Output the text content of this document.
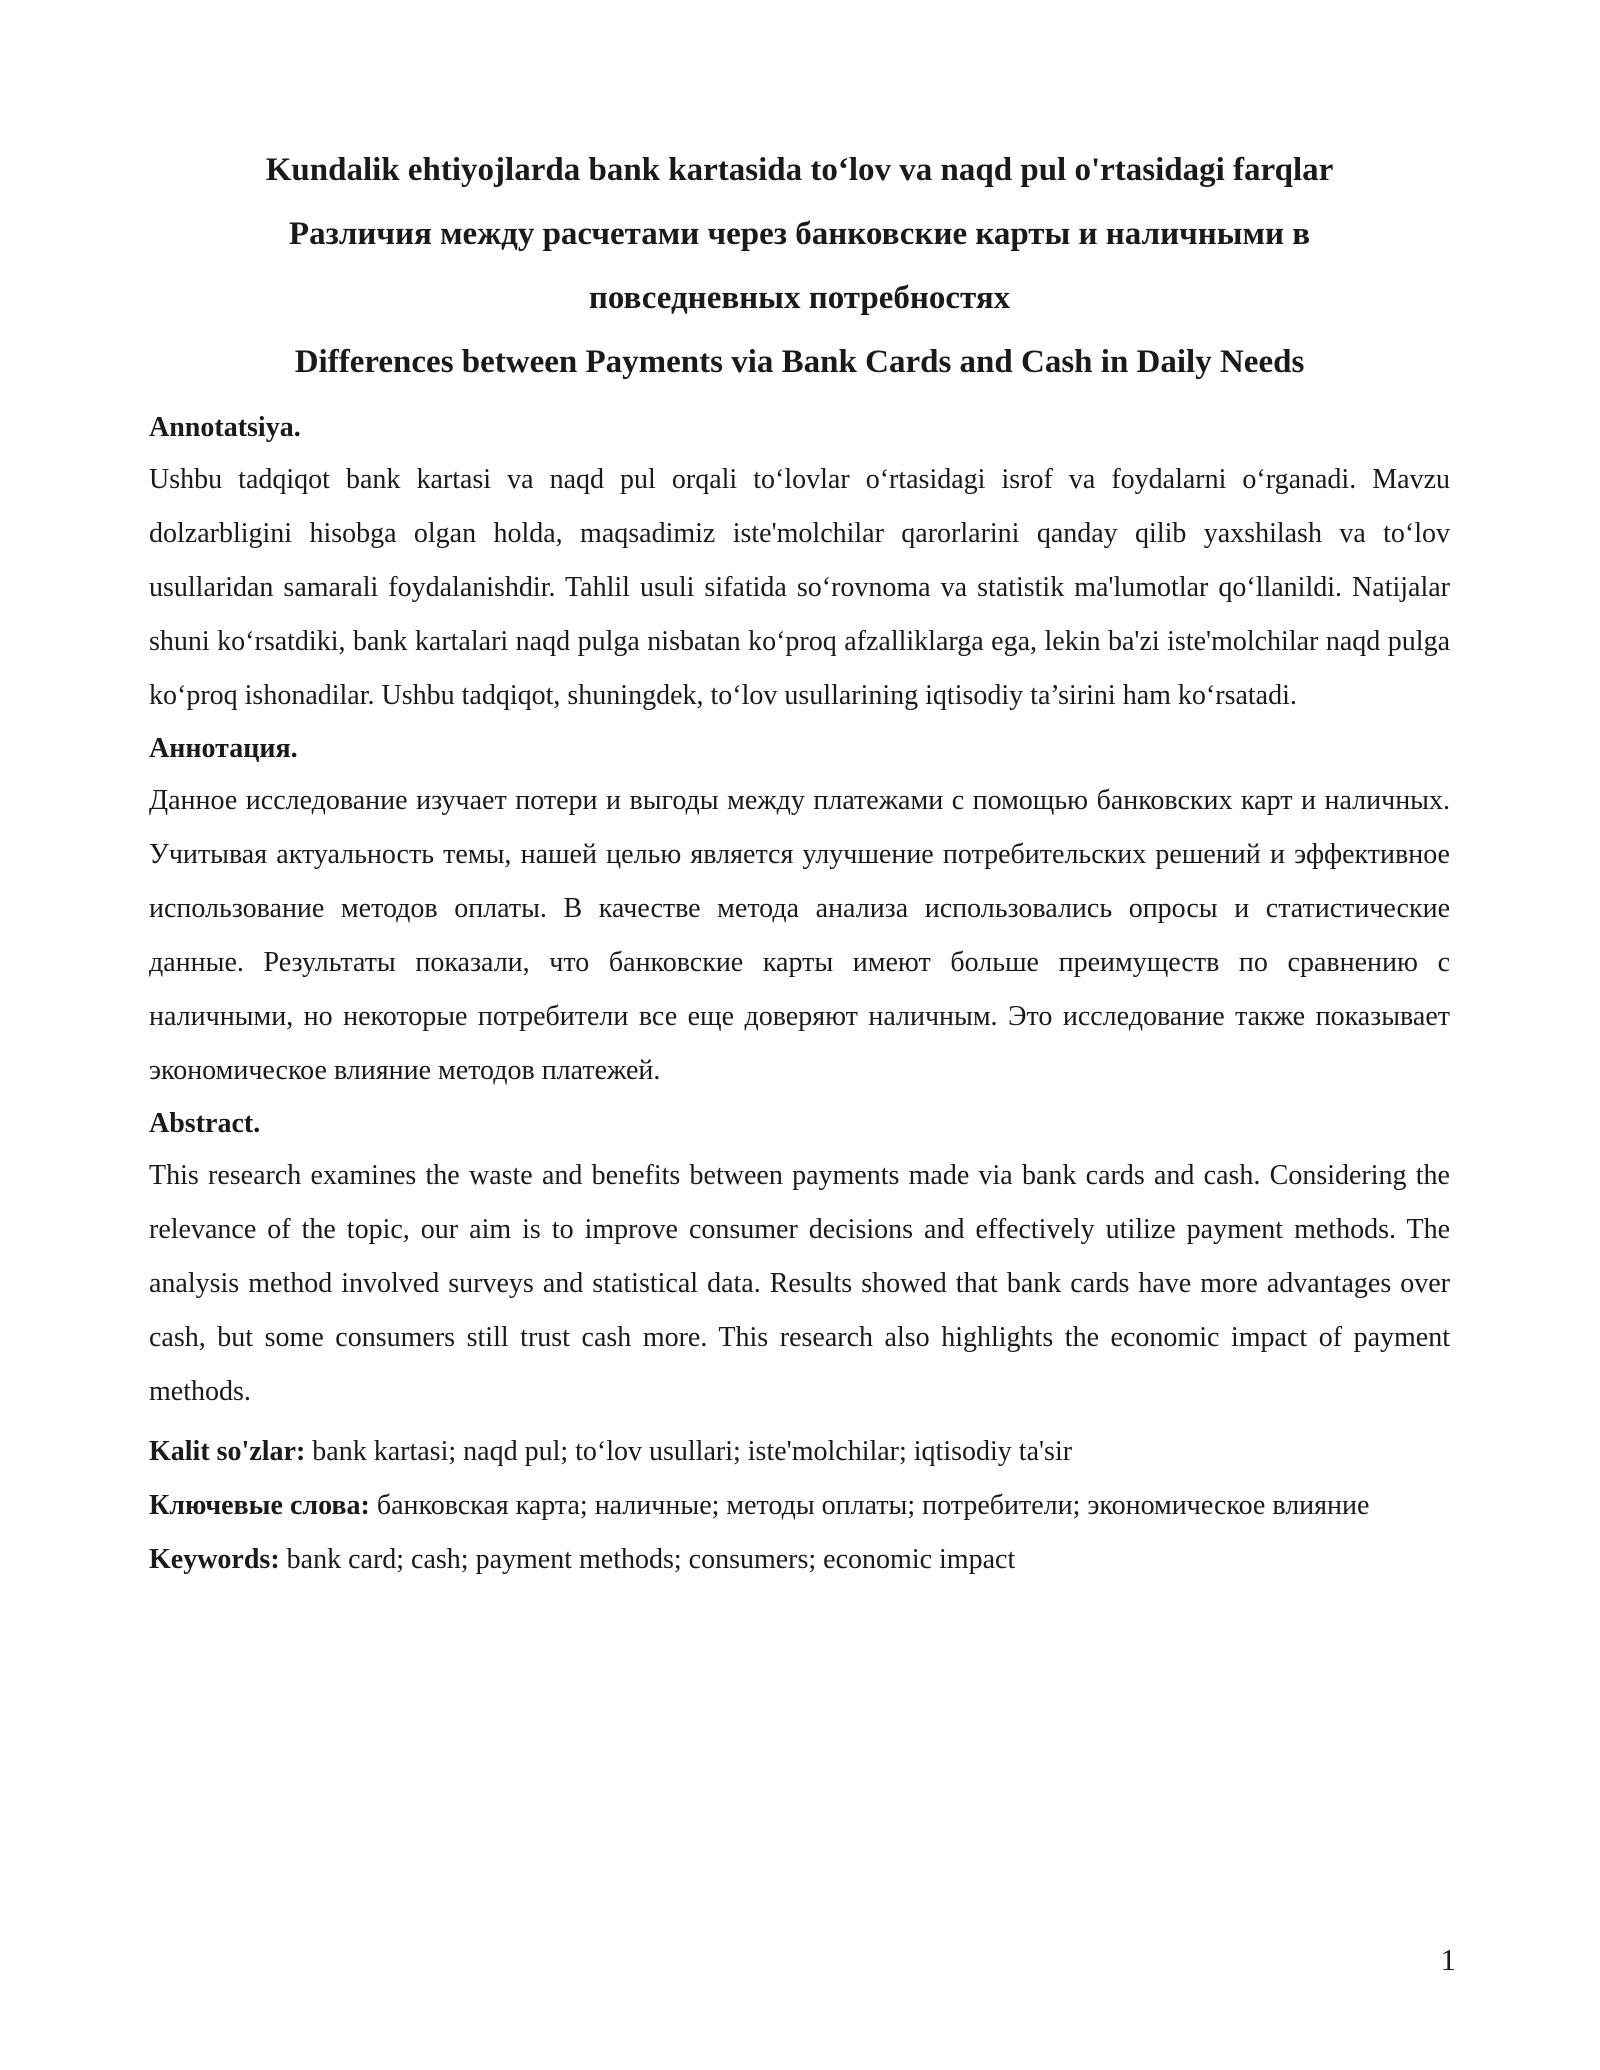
Kundalik ehtiyojlarda bank kartasida to‘lov va naqd pul o'rtasidagi farqlar
Различия между расчетами через банковские карты и наличными в повседневных потребностях
Differences between Payments via Bank Cards and Cash in Daily Needs

Annotatsiya.

Ushbu tadqiqot bank kartasi va naqd pul orqali to‘lovlar o‘rtasidagi isrof va foydalarni o‘rganadi. Mavzu dolzarbligini hisobga olgan holda, maqsadimiz iste'molchilar qarorlarini qanday qilib yaxshilash va to‘lov usullaridan samarali foydalanishdir. Tahlil usuli sifatida so‘rovnoma va statistik ma'lumotlar qo‘llanildi. Natijalar shuni ko‘rsatdiki, bank kartalari naqd pulga nisbatan ko‘proq afzalliklarga ega, lekin ba'zi iste'molchilar naqd pulga ko‘proq ishonadilar. Ushbu tadqiqot, shuningdek, to‘lov usullarining iqtisodiy ta’sirini ham ko‘rsatadi.

Аннотация.

Данное исследование изучает потери и выгоды между платежами с помощью банковских карт и наличных. Учитывая актуальность темы, нашей целью является улучшение потребительских решений и эффективное использование методов оплаты. В качестве метода анализа использовались опросы и статистические данные. Результаты показали, что банковские карты имеют больше преимуществ по сравнению с наличными, но некоторые потребители все еще доверяют наличным. Это исследование также показывает экономическое влияние методов платежей.

Abstract.

This research examines the waste and benefits between payments made via bank cards and cash. Considering the relevance of the topic, our aim is to improve consumer decisions and effectively utilize payment methods. The analysis method involved surveys and statistical data. Results showed that bank cards have more advantages over cash, but some consumers still trust cash more. This research also highlights the economic impact of payment methods.

Kalit so'zlar: bank kartasi; naqd pul; to‘lov usullari; iste'molchilar; iqtisodiy ta'sir

Ключевые слова: банковская карта; наличные; методы оплаты; потребители; экономическое влияние

Keywords: bank card; cash; payment methods; consumers; economic impact

1
